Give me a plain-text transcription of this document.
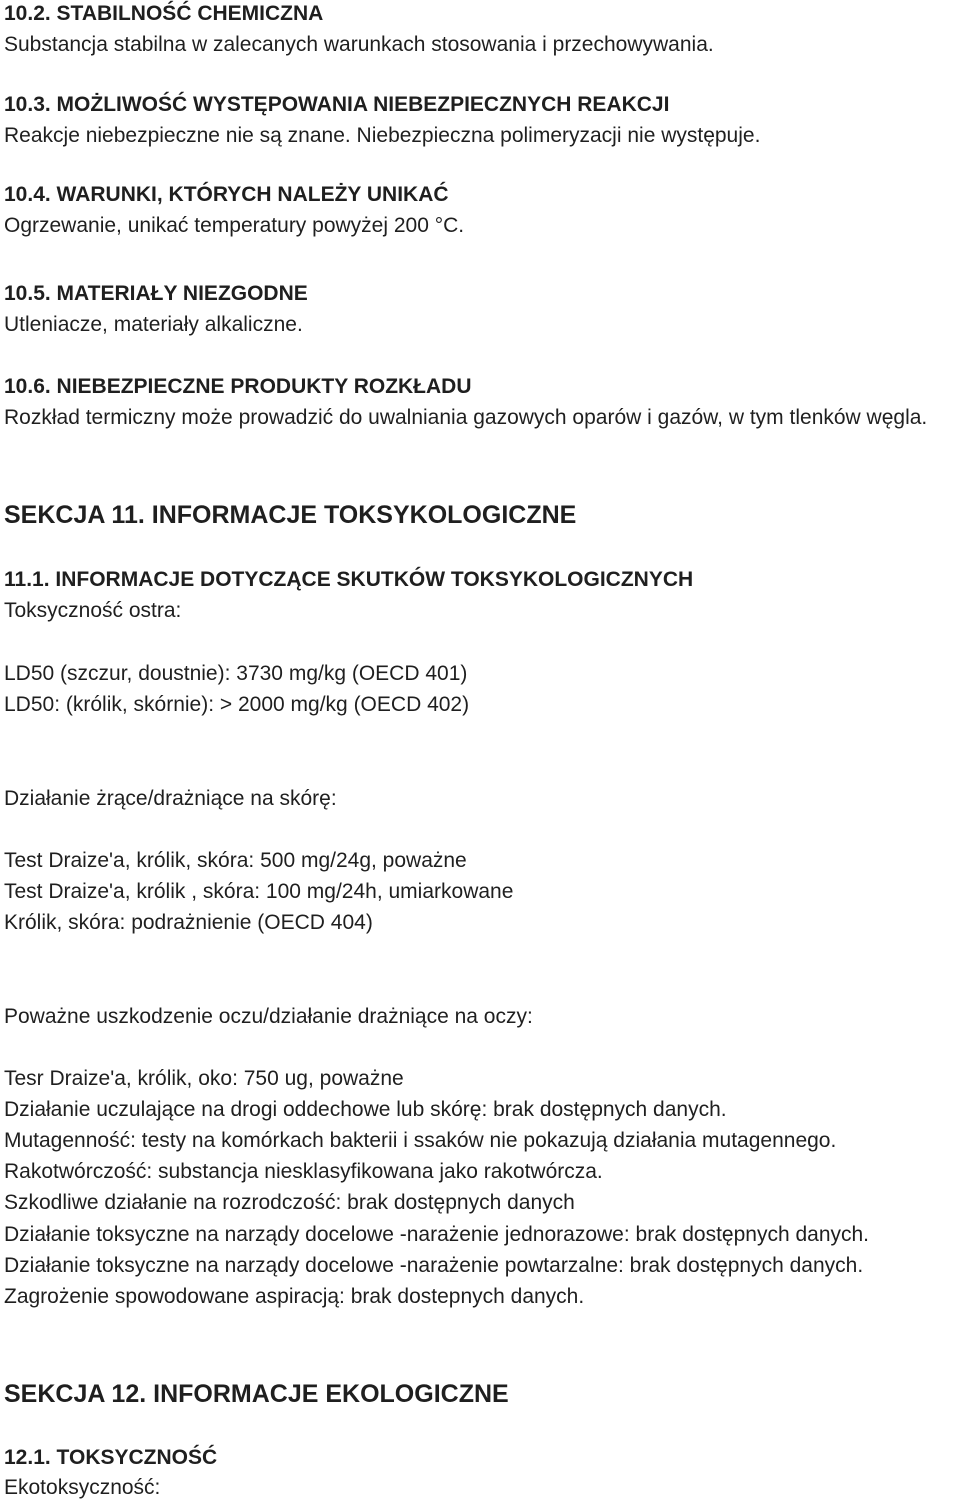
10.2. STABILNOŚĆ CHEMICZNA
Substancja stabilna w zalecanych warunkach stosowania i przechowywania.
10.3. MOŻLIWOŚĆ WYSTĘPOWANIA NIEBEZPIECZNYCH REAKCJI
Reakcje niebezpieczne nie są znane. Niebezpieczna polimeryzacji nie występuje.
10.4. WARUNKI, KTÓRYCH NALEŻY UNIKAĆ
Ogrzewanie, unikać temperatury powyżej 200 °C.
10.5. MATERIAŁY NIEZGODNE
Utleniacze, materiały alkaliczne.
10.6. NIEBEZPIECZNE PRODUKTY ROZKŁADU
Rozkład termiczny może prowadzić do uwalniania gazowych oparów i gazów, w tym tlenków węgla.
SEKCJA 11. INFORMACJE TOKSYKOLOGICZNE
11.1. INFORMACJE DOTYCZĄCE SKUTKÓW TOKSYKOLOGICZNYCH
Toksyczność ostra:
LD50 (szczur, doustnie): 3730 mg/kg (OECD 401)
LD50: (królik, skórnie): > 2000 mg/kg (OECD 402)
Działanie żrące/drażniące na skórę:
Test Draize'a, królik, skóra: 500 mg/24g, poważne
Test Draize'a, królik , skóra: 100 mg/24h, umiarkowane
Królik, skóra: podrażnienie (OECD 404)
Poważne uszkodzenie oczu/działanie drażniące na oczy:
Tesr Draize'a, królik, oko: 750 ug, poważne
Działanie uczulające na drogi oddechowe lub skórę: brak dostępnych danych.
Mutagenność: testy na komórkach bakterii i ssaków nie pokazują działania mutagennego.
Rakotwórczość: substancja niesklasyfikowana jako rakotwórcza.
Szkodliwe działanie na rozrodczość: brak dostępnych danych
Działanie toksyczne na narządy docelowe -narażenie jednorazowe: brak dostępnych danych.
Działanie toksyczne na narządy docelowe -narażenie powtarzalne: brak dostępnych danych.
Zagrożenie spowodowane aspiracją: brak dostepnych danych.
SEKCJA 12. INFORMACJE EKOLOGICZNE
12.1. TOKSYCZNOŚĆ
Ekotoksyczność:
